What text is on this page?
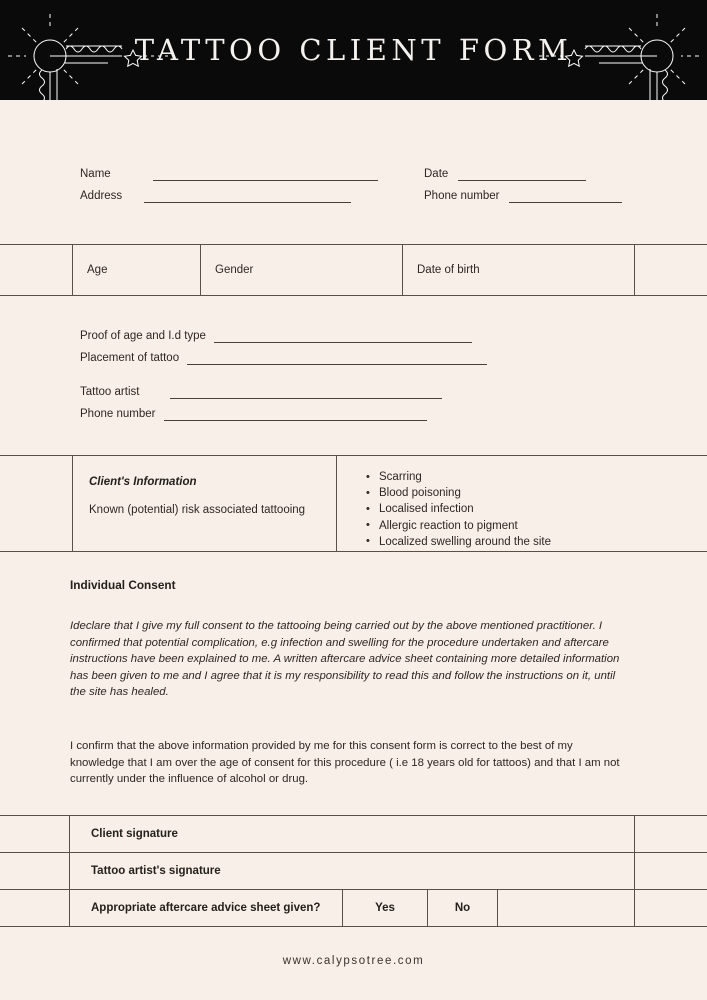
TATTOO CLIENT FORM
Name
Address
Date
Phone number
Age	Gender	Date of birth
Proof of age and I.d type
Placement of tattoo
Tattoo artist
Phone number
Client's Information
Known (potential) risk associated tattooing
• Scarring
• Blood poisoning
• Localised infection
• Allergic reaction to pigment
• Localized swelling around the site
Individual Consent

Ideclare that I give my full consent to the tattooing being carried out by the above mentioned practitioner. I confirmed that potential complication, e.g infection and swelling for the procedure undertaken and aftercare instructions have been explained to me. A written aftercare advice sheet containing more detailed information has been given to me and I agree that it is my responsibility to read this and follow the instructions on it, until the site has healed.

I confirm that the above information provided by me for this consent form is correct to the best of my knowledge that I am over the age of consent for this procedure ( i.e 18 years old for tattoos) and that I am not currently under the influence of alcohol or drug.

Client signature
Tattoo artist's signature
Appropriate aftercare advice sheet given?	Yes	No
www.calypsotree.com
